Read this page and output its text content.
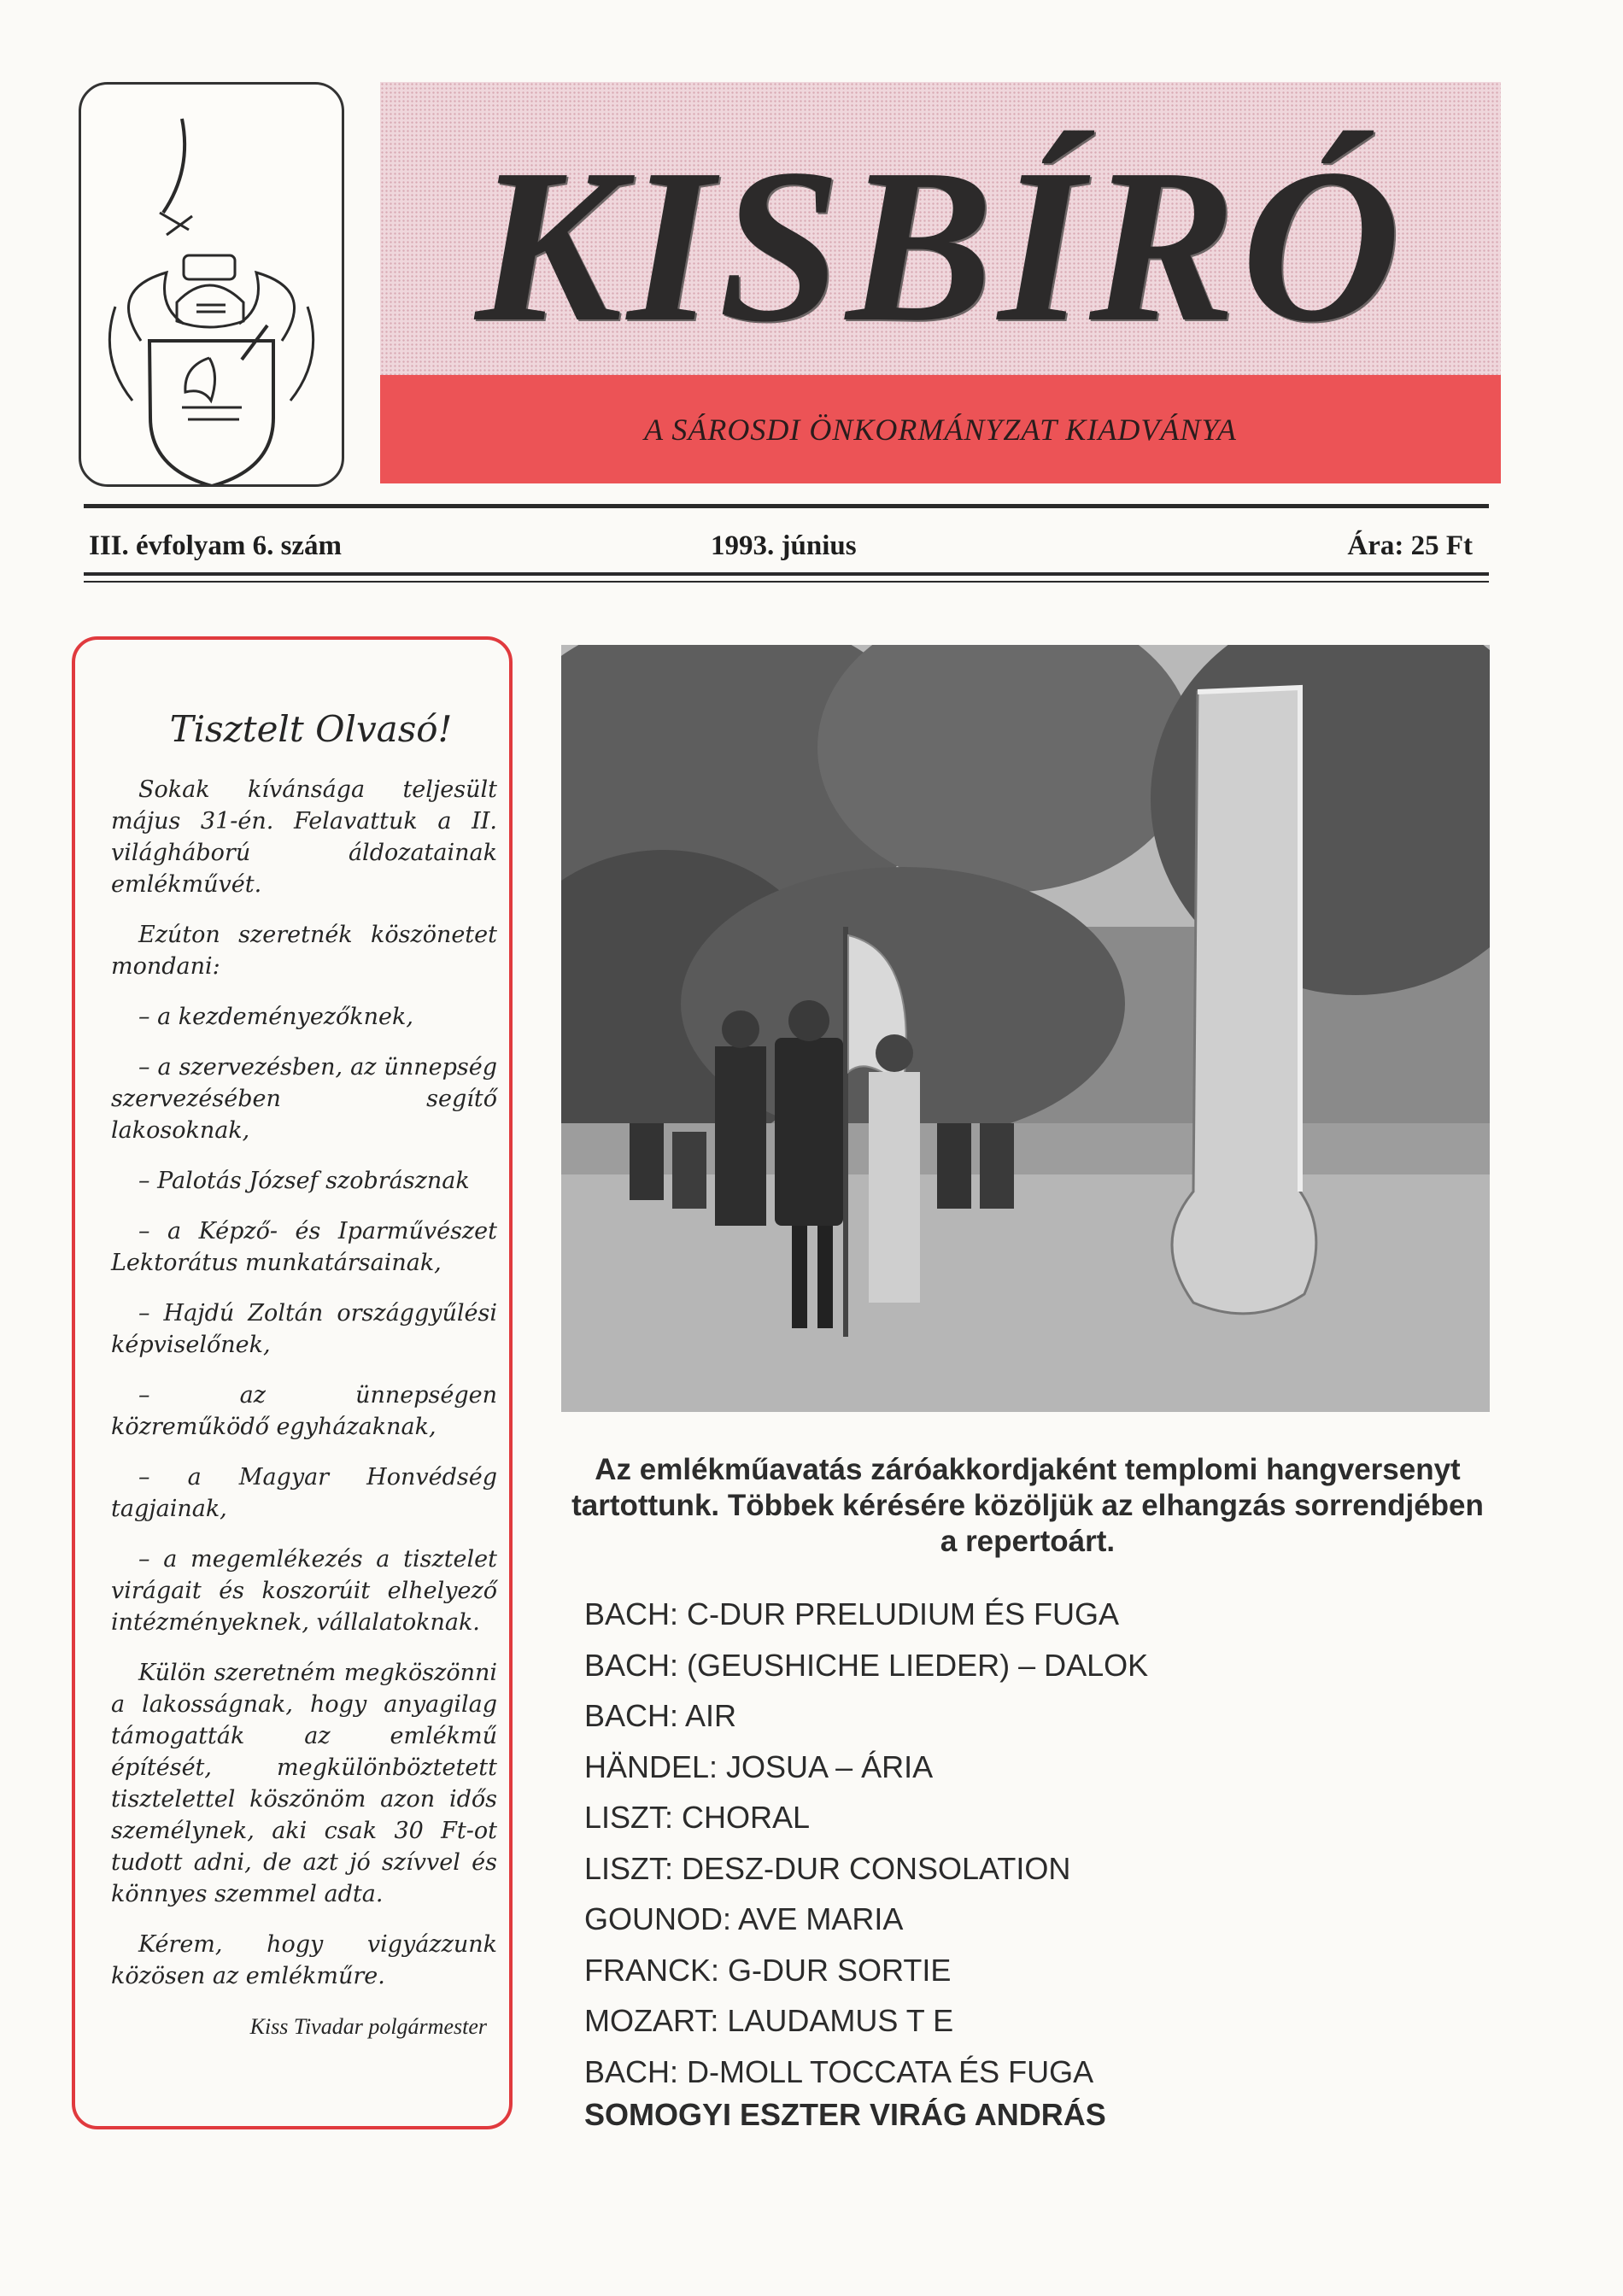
KISBÍRÓ
A SÁROSDI ÖNKORMÁNYZAT KIADVÁNYA
III. évfolyam 6. szám	1993. június	Ára: 25 Ft
Tisztelt Olvasó!

Sokak kívánsága teljesült május 31-én. Felavattuk a II. világháború áldozatainak emlékművét.

Ezúton szeretnék köszönetet mondani:

– a kezdeményezőknek,

– a szervezésben, az ünnepség szervezésében segítő lakosoknak,

– Palotás József szobrásznak

– a Képző- és Iparművészet Lektorátus munkatársainak,

– Hajdú Zoltán országgyűlési képviselőnek,

– az ünnepségen közreműködő egyházaknak,

– a Magyar Honvédség tagjainak,

– a megemlékezés a tisztelet virágait és koszorúit elhelyező intézményeknek, vállalatoknak.

Külön szeretném megköszönni a lakosságnak, hogy anyagilag támogatták az emlékmű építését, megkülönböztetett tisztelettel köszönöm azon idős személynek, aki csak 30 Ft-ot tudott adni, de azt jó szívvel és könnyes szemmel adta.

Kérem, hogy vigyázzunk közösen az emlékműre.

Kiss Tivadar polgármester
Az emlékműavatás záróakkordjaként templomi hangversenyt tartottunk. Többek kérésére közöljük az elhangzás sorrendjében a repertoárt.
BACH: C-DUR PRELUDIUM ÉS FUGA
BACH: (GEUSHICHE LIEDER) – DALOK
BACH: AIR
HÄNDEL: JOSUA – ÁRIA
LISZT: CHORAL
LISZT: DESZ-DUR CONSOLATION
GOUNOD: AVE MARIA
FRANCK: G-DUR SORTIE
MOZART: LAUDAMUS T E
BACH: D-MOLL TOCCATA ÉS FUGA
SOMOGYI ESZTER VIRÁG ANDRÁS
